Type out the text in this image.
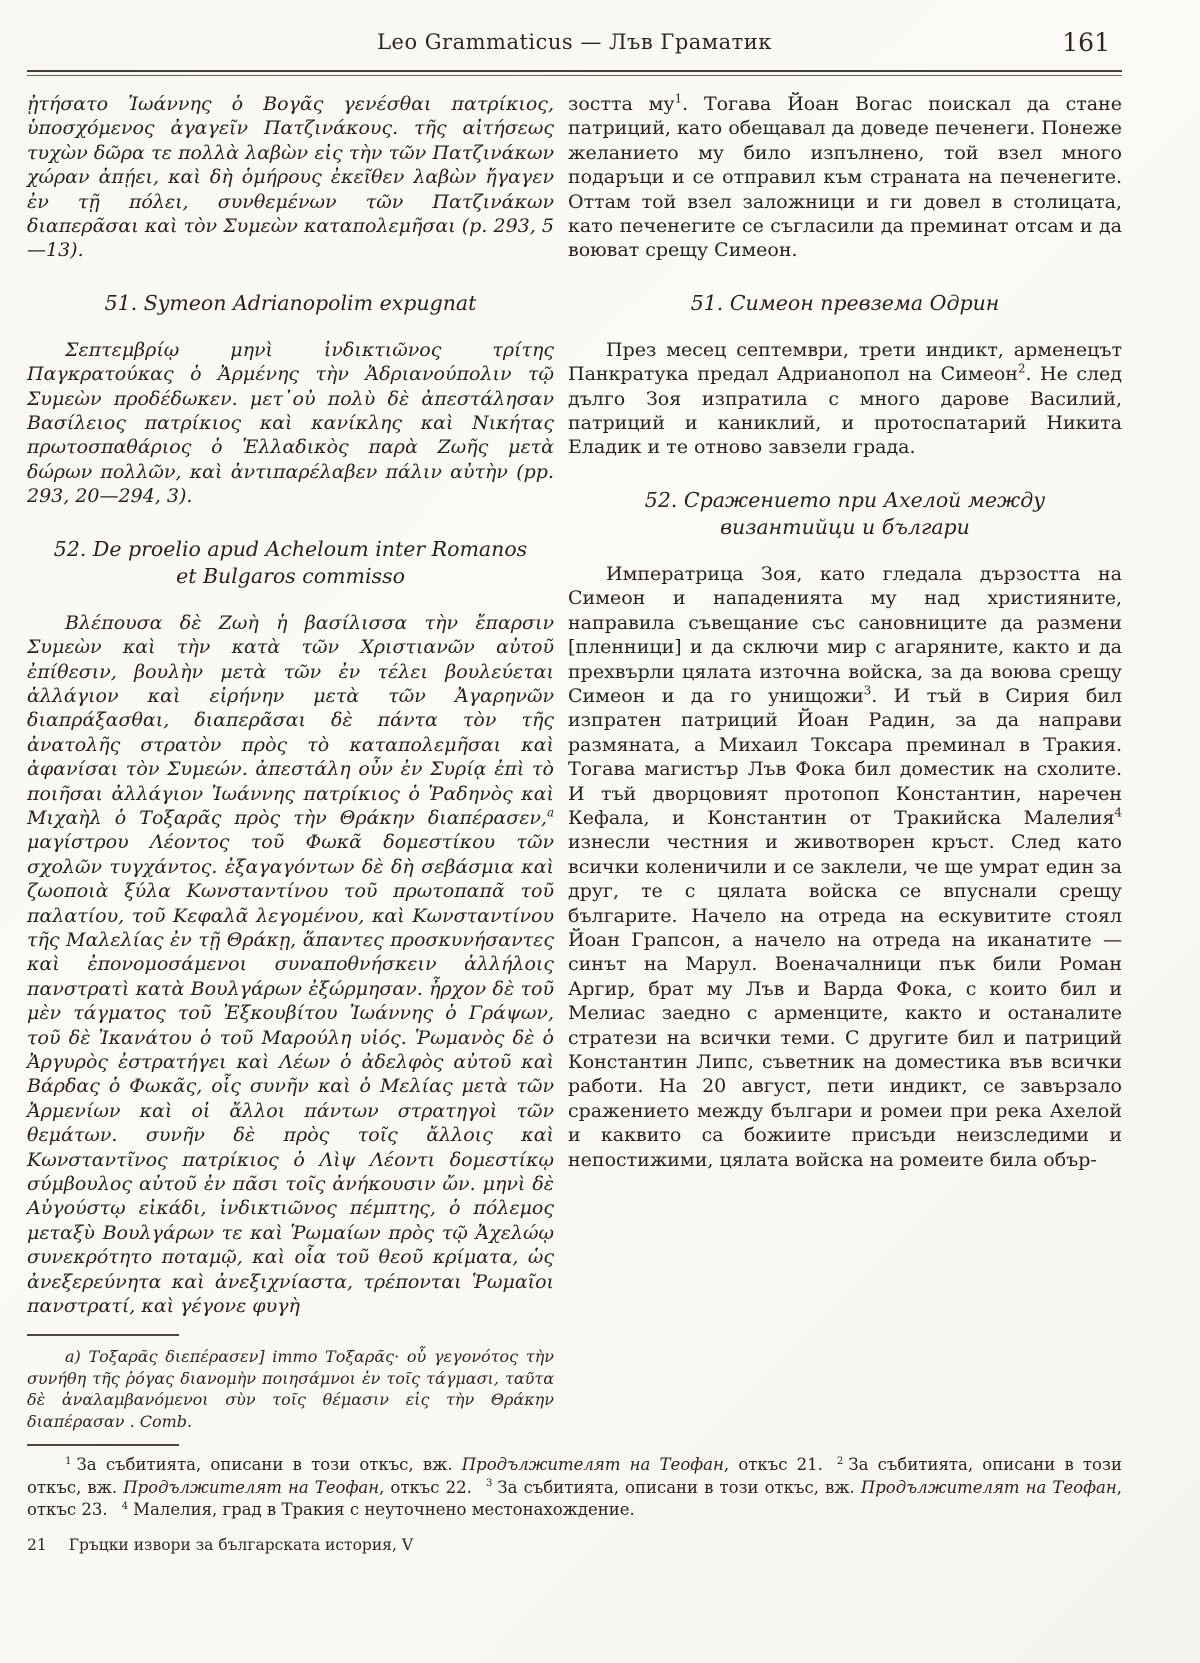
Leo Grammaticus — Лъв Граматик	161

ᾐτήσατο Ἰωάννης ὁ Βογᾶς γενέσθαι πατρίκιος, ὑποσχόμενος ἀγαγεῖν Πατζινάκους. τῆς αἰτήσεως τυχὼν δῶρα τε πολλὰ λαβὼν εἰς τὴν τῶν Πατζινάκων χώραν ἀπῄει, καὶ δὴ ὁμήρους ἐκεῖθεν λαβὼν ἤγαγεν ἐν τῇ πόλει, συνθεμένων τῶν Πατζινάκων διαπερᾶσαι καὶ τὸν Συμεὼν καταπολεμῆσαι (p. 293, 5—13).

51. Symeon Adrianopolim expugnat

Σεπτεμβρίῳ μηνὶ ἰνδικτιῶνος τρίτης Παγκρατούκας ὁ Ἀρμένης τὴν Ἀδριανούπολιν τῷ Συμεὼν προδέδωκεν. μετ᾽οὐ πολὺ δὲ ἀπεστάλησαν Βασίλειος πατρίκιος καὶ κανίκλης καὶ Νικήτας πρωτοσπαθάριος ὁ Ἑλλαδικὸς παρὰ Ζωῆς μετὰ δώρων πολλῶν, καὶ ἀντιπαρέλαβεν πάλιν αὐτὴν (pp. 293, 20—294, 3).

52. De proelio apud Acheloum inter Romanos
et Bulgaros commisso

Βλέπουσα δὲ Ζωὴ ἡ βασίλισσα τὴν ἔπαρσιν Συμεὼν καὶ τὴν κατὰ τῶν Χριστιανῶν αὐτοῦ ἐπίθεσιν, βουλὴν μετὰ τῶν ἐν τέλει βουλεύεται ἀλλάγιον καὶ εἰρήνην μετὰ τῶν Ἀγαρηνῶν διαπράξασθαι, διαπερᾶσαι δὲ πάντα τὸν τῆς ἀνατολῆς στρατὸν πρὸς τὸ καταπολεμῆσαι καὶ ἀφανίσαι τὸν Συμεών. ἀπεστάλη οὖν ἐν Συρίᾳ ἐπὶ τὸ ποιῆσαι ἀλλάγιον Ἰωάννης πατρίκιος ὁ Ῥαδηνὸς καὶ Μιχαὴλ ὁ Τοξαρᾶς πρὸς τὴν Θράκην διαπέρασεν,$^a$ μαγίστρου Λέοντος τοῦ Φωκᾶ δομεστίκου τῶν σχολῶν τυγχάντος. ἐξαγαγόντων δὲ δὴ σεβάσμια καὶ ζωοποιὰ ξύλα Κωνσταντίνου τοῦ πρωτοπαπᾶ τοῦ παλατίου, τοῦ Κεφαλᾶ λεγομένου, καὶ Κωνσταντίνου τῆς Μαλελίας ἐν τῇ Θράκῃ, ἅπαντες προσκυνήσαντες καὶ ἐπονομοσάμενοι συναποθνήσκειν ἀλλήλοις πανστρατὶ κατὰ Βουλγάρων ἐξώρμησαν. ἦρχον δὲ τοῦ μὲν τάγματος τοῦ Ἐξκουβίτου Ἰωάννης ὁ Γράψων, τοῦ δὲ Ἰκανάτου ὁ τοῦ Μαρούλη υἱός. Ῥωμανὸς δὲ ὁ Ἀργυρὸς ἐστρατήγει καὶ Λέων ὁ ἀδελφὸς αὐτοῦ καὶ Βάρδας ὁ Φωκᾶς, οἷς συνῆν καὶ ὁ Μελίας μετὰ τῶν Ἀρμενίων καὶ οἱ ἄλλοι πάντων στρατηγοὶ τῶν θεμάτων. συνῆν δὲ πρὸς τοῖς ἄλλοις καὶ Κωνσταντῖνος πατρίκιος ὁ Λὶψ Λέοντι δομεστίκῳ σύμβουλος αὐτοῦ ἐν πᾶσι τοῖς ἀνήκουσιν ὤν. μηνὶ δὲ Αὐγούστῳ εἰκάδι, ἰνδικτιῶνος πέμπτης, ὁ πόλεμος μεταξὺ Βουλγάρων τε καὶ Ῥωμαίων πρὸς τῷ Ἀχελώῳ συνεκρότητο ποταμῷ, καὶ οἷα τοῦ θεοῦ κρίματα, ὡς ἀνεξερεύνητα καὶ ἀνεξιχνίαστα, τρέπονται Ῥωμαῖοι πανστρατί, καὶ γέγονε φυγὴ

a) Τοξαρᾶς διεπέρασεν] immo Τοξαρᾶς· οὗ γεγονότος τὴν συνήθη τῆς ῥόγας διανομὴν ποιησάμνοι ἐν τοῖς τάγμασι, ταῦτα δὲ ἀναλαμβανόμενοι σὺν τοῖς θέμασιν εἰς τὴν Θράκην διαπέρασαν . Comb.

зостта $му^1$. Тогава Йоан Вогас поискал да стане патриций, като обещавал да доведе печенеги. Понеже желанието му било изпълнено, той взел много подаръци и се отправил към страната на печенегите. Оттам той взел заложници и ги довел в столицата, като печенегите се съгласили да преминат отсам и да воюват срещу Симеон.

51. Симеон превзема Одрин

През месец септември, трети индикт, арменецът Панкратука предал Адрианопол на Симеон$^2$. Не след дълго Зоя изпратила с много дарове Василий, патриций и каниклий, и протоспатарий Никита Еладик и те отново завзели града.

52. Сражението при Ахелой между
византийци и българи

Императрица Зоя, като гледала дързостта на Симеон и нападенията му над християните, направила съвещание със сановниците да размени [пленници] и да сключи мир с агаряните, както и да прехвърли цялата източна войска, за да воюва срещу Симеон и да го унищожи$^3$. И тъй в Сирия бил изпратен патриций Йоан Радин, за да направи размяната, а Михаил Токсара преминал в Тракия. Тогава магистър Лъв Фока бил доместик на схолите. И тъй дворцовият протопоп Константин, наречен Кефала, и Константин от Тракийска Малелия$^4$ изнесли честния и животворен кръст. След като всички коленичили и се заклели, че ще умрат един за друг, те с цялата войска се впуснали срещу българите. Начело на отреда на ескувитите стоял Йоан Грапсон, а начело на отреда на иканатите — синът на Марул. Военачалници пък били Роман Аргир, брат му Лъв и Варда Фока, с които бил и Мелиас заедно с арменците, както и останалите стратези на всички теми. С другите бил и патриций Константин Липс, съветник на доместика във всички работи. На 20 август, пети индикт, се завързало сражението между българи и ромеи при река Ахелой и каквито са божиите присъди неизследими и непостижими, цялата войска на ромеите била обър-

$^1$ За събитията, описани в този откъс, вж. Продължителят на Теофан, откъс 21. $^2$ За събитията, описани в този откъс, вж. Продължителят на Теофан, откъс 22. $^3$ За събитията, описани в този откъс, вж. Продължителят на Теофан, откъс 23. $^4$ Малелия, град в Тракия с неуточнено местонахождение.

21 Гръцки извори за българската история, V
